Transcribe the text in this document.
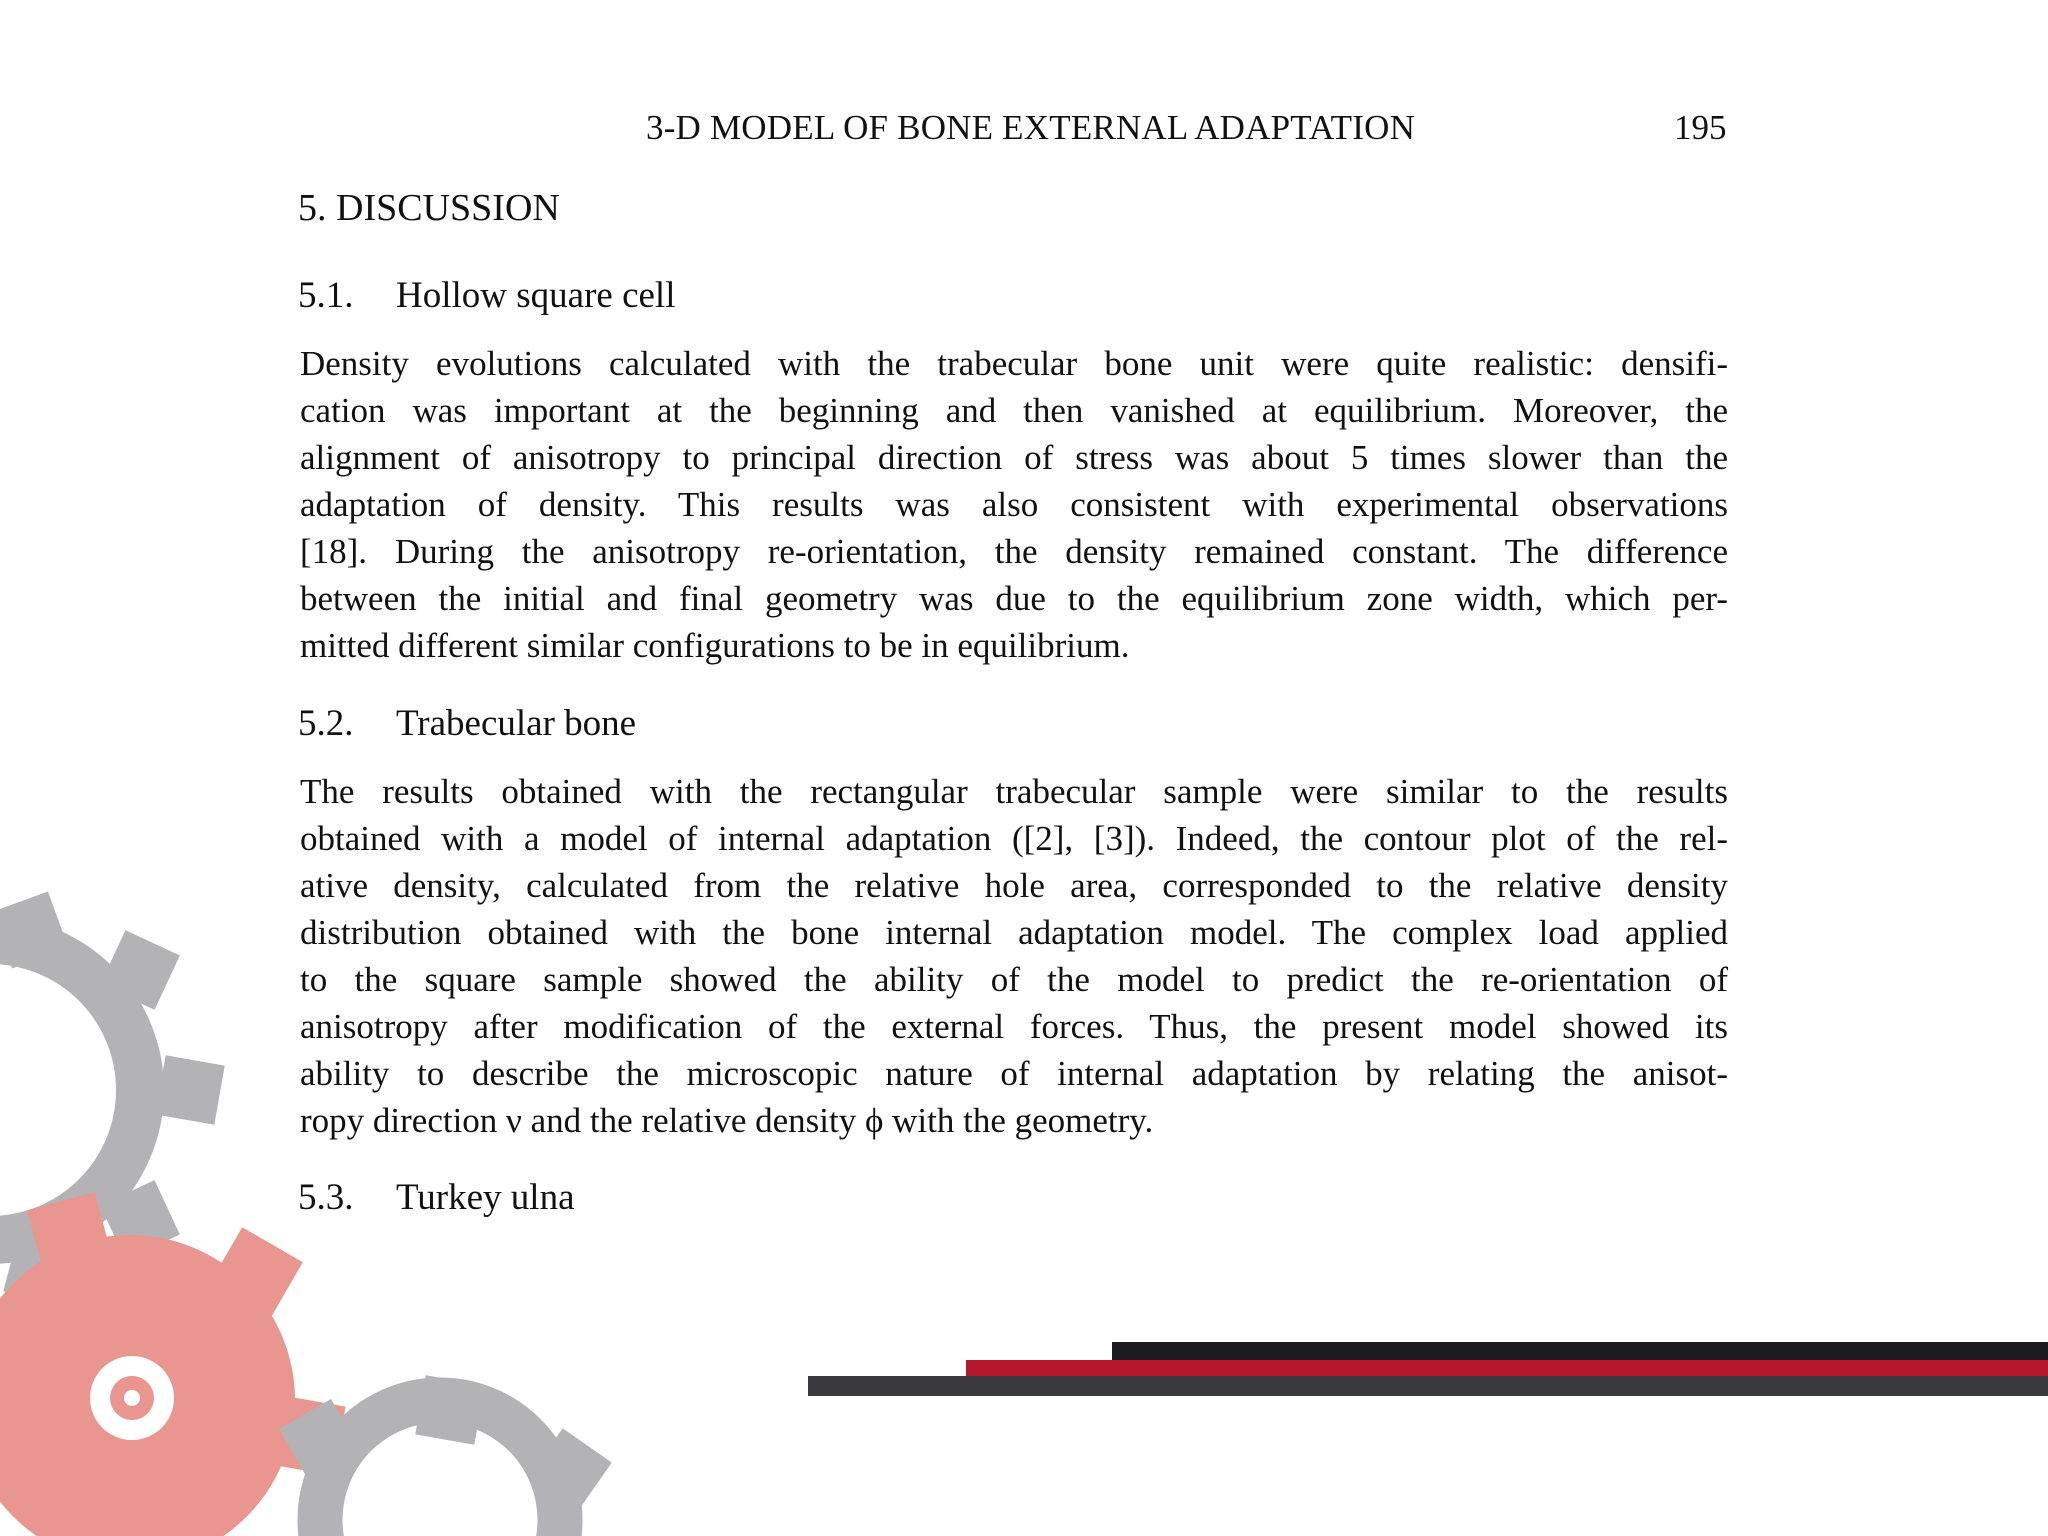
3-D MODEL OF BONE EXTERNAL ADAPTATION	195
5. DISCUSSION
5.1.	Hollow square cell
Density evolutions calculated with the trabecular bone unit were quite realistic: densifi-
cation was important at the beginning and then vanished at equilibrium. Moreover, the
alignment of anisotropy to principal direction of stress was about 5 times slower than the
adaptation of density. This results was also consistent with experimental observations
[18]. During the anisotropy re-orientation, the density remained constant. The difference
between the initial and final geometry was due to the equilibrium zone width, which per-
mitted different similar configurations to be in equilibrium.
5.2.	Trabecular bone
The results obtained with the rectangular trabecular sample were similar to the results
obtained with a model of internal adaptation ([2], [3]). Indeed, the contour plot of the rel-
ative density, calculated from the relative hole area, corresponded to the relative density
distribution obtained with the bone internal adaptation model. The complex load applied
to the square sample showed the ability of the model to predict the re-orientation of
anisotropy after modification of the external forces. Thus, the present model showed its
ability to describe the microscopic nature of internal adaptation by relating the anisot-
ropy direction ν and the relative density ϕ with the geometry.
5.3.	Turkey ulna
